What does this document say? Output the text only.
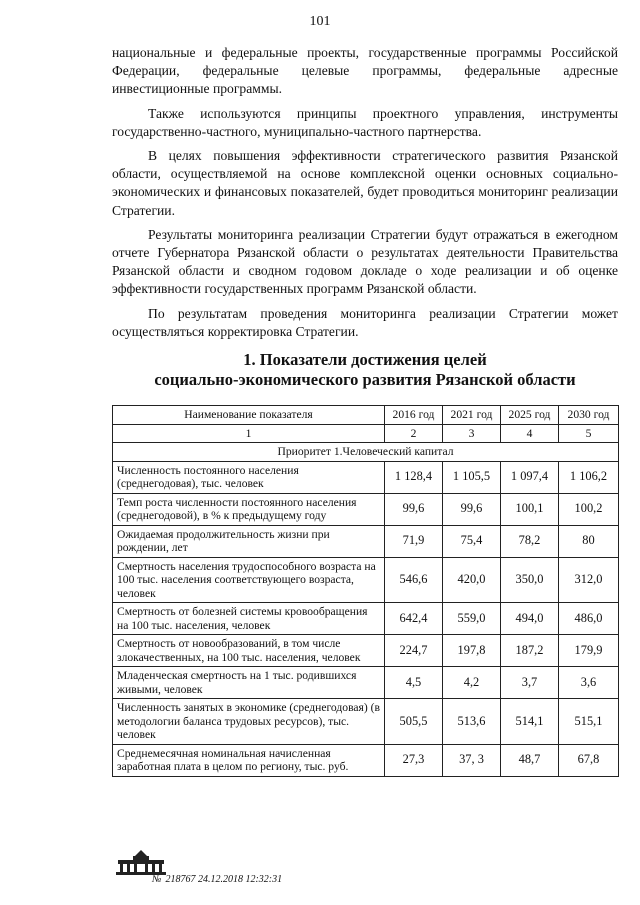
101

национальные и федеральные проекты, государственные программы Российской Федерации, федеральные целевые программы, федеральные адресные инвестиционные программы.

Также используются принципы проектного управления, инструменты государственно-частного, муниципально-частного партнерства.

В целях повышения эффективности стратегического развития Рязанской области, осуществляемой на основе комплексной оценки основных социально-экономических и финансовых показателей, будет проводиться мониторинг реализации Стратегии.

Результаты мониторинга реализации Стратегии будут отражаться в ежегодном отчете Губернатора Рязанской области о результатах деятельности Правительства Рязанской области и сводном годовом докладе о ходе реализации и об оценке эффективности государственных программ Рязанской области.

По результатам проведения мониторинга реализации Стратегии может осуществляться корректировка Стратегии.

1. Показатели достижения целей
социально-экономического развития Рязанской области
Наименование показателя	2016 год	2021 год	2025 год	2030 год
1	2	3	4	5
Приоритет 1.Человеческий капитал				
Численность постоянного населения (среднегодовая), тыс. человек	1 128,4	1 105,5	1 097,4	1 106,2
Темп роста численности постоянного населения (среднегодовой), в % к предыдущему году	99,6	99,6	100,1	100,2
Ожидаемая продолжительность жизни при рождении, лет	71,9	75,4	78,2	80
Смертность населения трудоспособного возраста на 100 тыс. населения соответствующего возраста, человек	546,6	420,0	350,0	312,0
Смертность от болезней системы кровообращения на 100 тыс. населения, человек	642,4	559,0	494,0	486,0
Смертность от новообразований, в том числе злокачественных, на 100 тыс. населения, человек	224,7	197,8	187,2	179,9
Младенческая смертность на 1 тыс. родившихся живыми, человек	4,5	4,2	3,7	3,6
Численность занятых в экономике (среднегодовая) (в методологии баланса трудовых ресурсов), тыс. человек	505,5	513,6	514,1	515,1
Среднемесячная номинальная начисленная заработная плата в целом по региону, тыс. руб.	27,3	37, 3	48,7	67,8
№ 218767 24.12.2018 12:32:31
